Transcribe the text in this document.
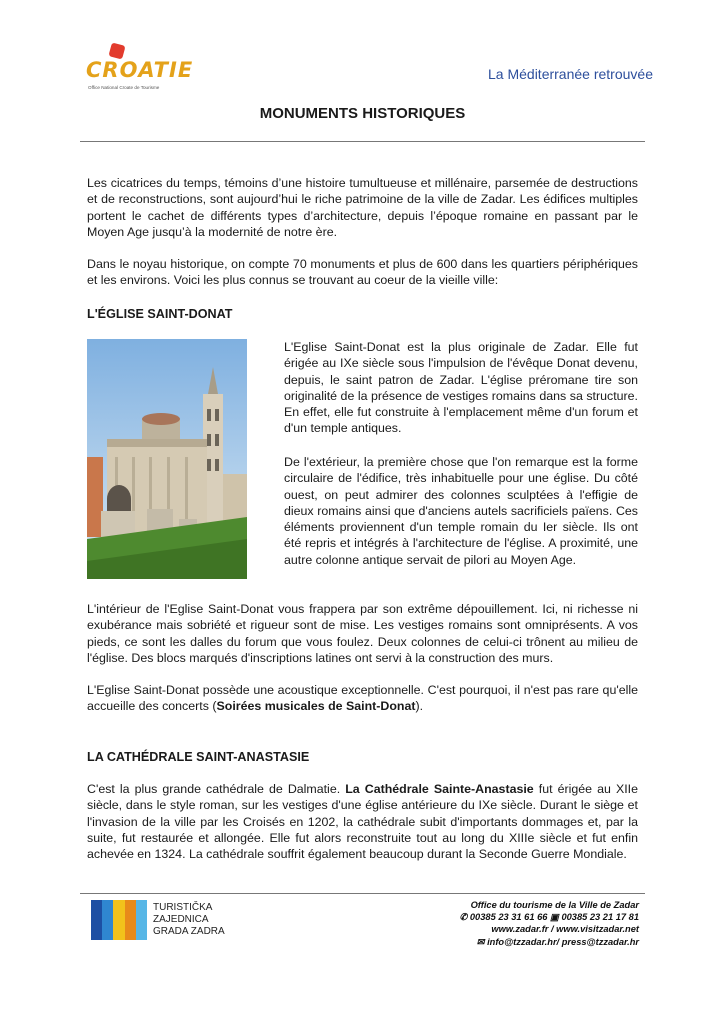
CROATIE
Office National Croate de Tourisme
La Méditerranée retrouvée
MONUMENTS HISTORIQUES

Les cicatrices du temps, témoins d’une histoire tumultueuse et millénaire, parsemée de destructions et de reconstructions, sont aujourd’hui le riche patrimoine de la ville de Zadar. Les édifices multiples portent le cachet de différents types d’architecture, depuis l’époque romaine en passant par le Moyen Age jusqu’à la modernité de notre ère.

Dans le noyau historique, on compte 70 monuments et plus de 600 dans les quartiers périphériques et les environs. Voici les plus connus se trouvant au coeur de la vieille ville:

L'ÉGLISE SAINT-DONAT

L'Eglise Saint-Donat est la plus originale de Zadar. Elle fut érigée au IXe siècle sous l'impulsion de l'évêque Donat devenu, depuis, le saint patron de Zadar. L'église préromane tire son originalité de la présence de vestiges romains dans sa structure. En effet, elle fut construite à l'emplacement même d'un forum et d'un temple antiques.

De l'extérieur, la première chose que l'on remarque est la forme circulaire de l'édifice, très inhabituelle pour une église. Du côté ouest, on peut admirer des colonnes sculptées à l'effigie de dieux romains ainsi que d'anciens autels sacrificiels païens. Ces éléments proviennent d'un temple romain du Ier siècle. Ils ont été repris et intégrés à l'architecture de l'église. A proximité, une autre colonne antique servait de pilori au Moyen Age.

L'intérieur de l'Eglise Saint-Donat vous frappera par son extrême dépouillement. Ici, ni richesse ni exubérance mais sobriété et rigueur sont de mise. Les vestiges romains sont omniprésents. A vos pieds, ce sont les dalles du forum que vous foulez. Deux colonnes de celui-ci trônent au milieu de l'église. Des blocs marqués d'inscriptions latines ont servi à la construction des murs.

L'Eglise Saint-Donat possède une acoustique exceptionnelle. C'est pourquoi, il n'est pas rare qu'elle accueille des concerts (Soirées musicales de Saint-Donat).

LA CATHÉDRALE SAINT-ANASTASIE

C'est la plus grande cathédrale de Dalmatie. La Cathédrale Sainte-Anastasie fut érigée au XIIe siècle, dans le style roman, sur les vestiges d'une église antérieure du IXe siècle. Durant le siège et l'invasion de la ville par les Croisés en 1202, la cathédrale subit d'importants dommages et, par la suite, fut restaurée et allongée. Elle fut alors reconstruite tout au long du XIIIe siècle et fut enfin achevée en 1324. La cathédrale souffrit également beaucoup durant la Seconde Guerre Mondiale.

TURISTIČKA
ZAJEDNICA
GRADA ZADRA
Office du tourisme de la Ville de Zadar
✆ 00385 23 31 61 66 ▣ 00385 23 21 17 81
www.zadar.fr / www.visitzadar.net
✉ info@tzzadar.hr/ press@tzzadar.hr
